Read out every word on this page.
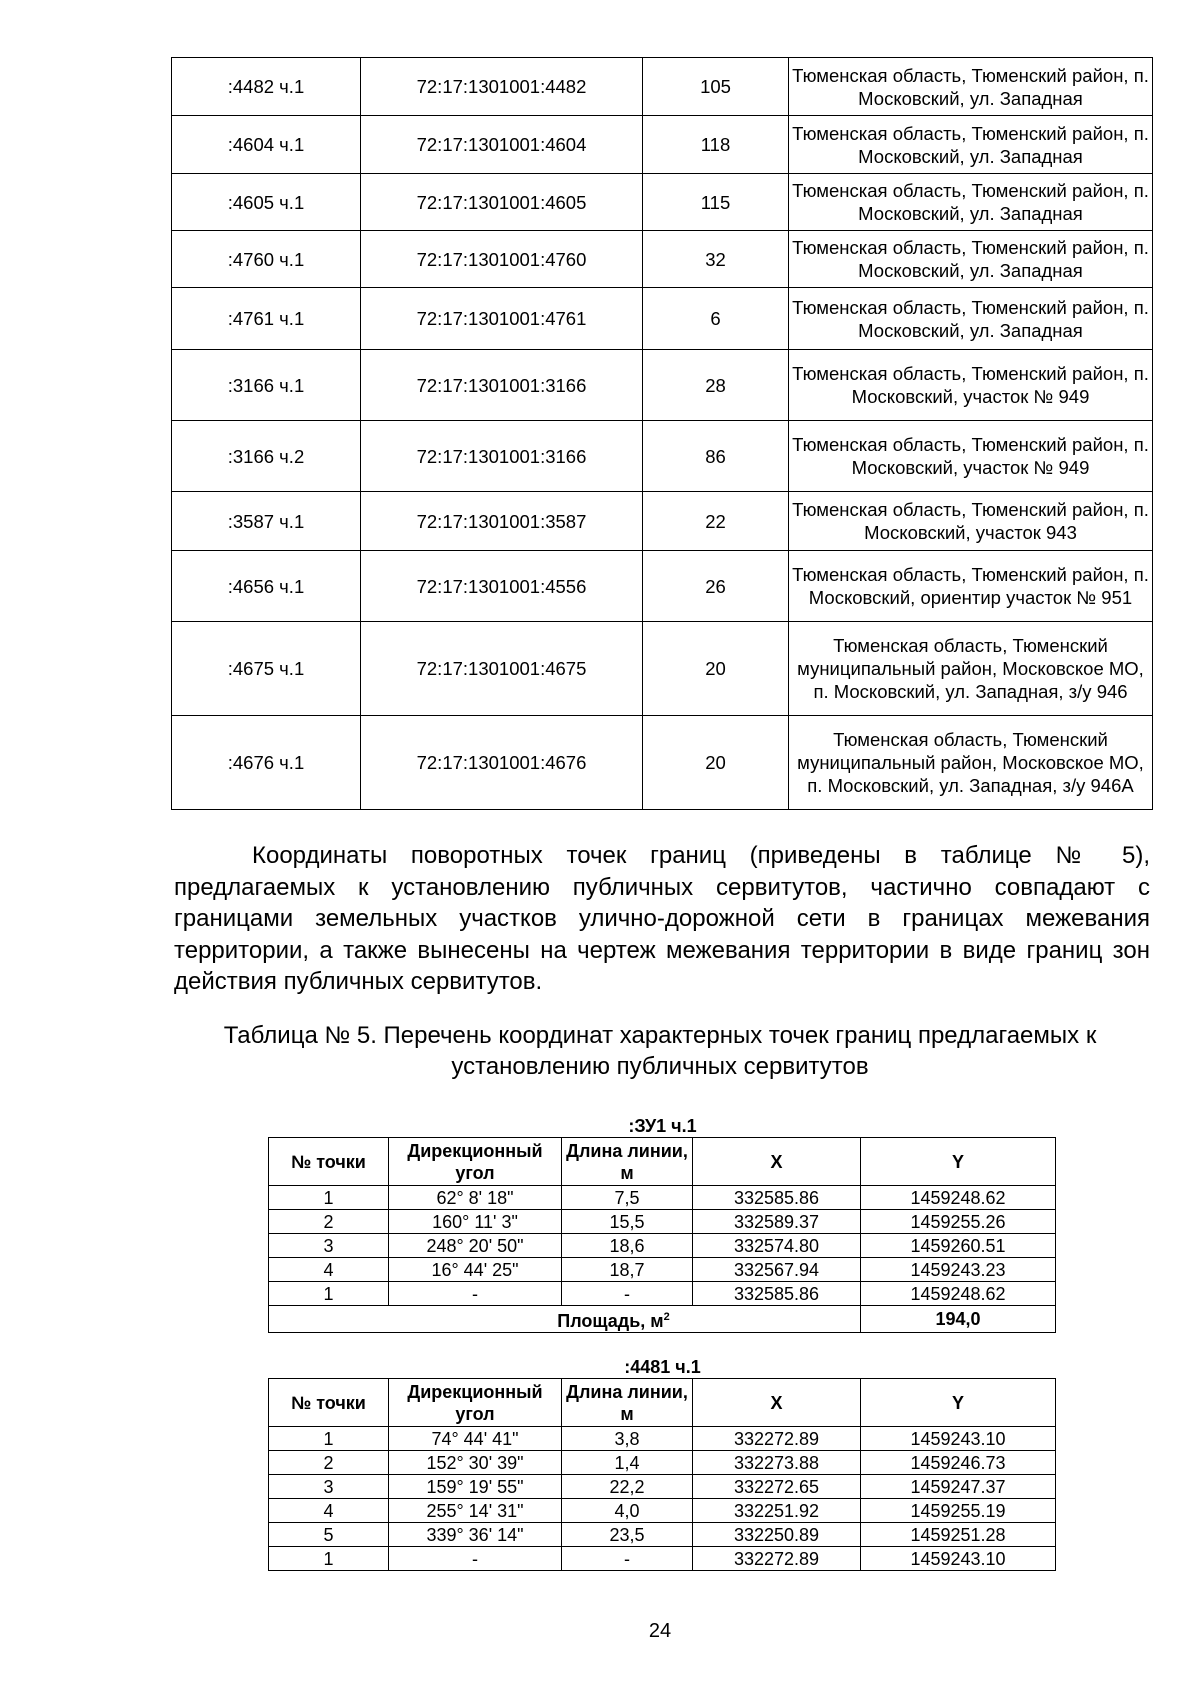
:4482 ч.1	72:17:1301001:4482	105	Тюменская область, Тюменский район, п. Московский, ул. Западная
:4604 ч.1	72:17:1301001:4604	118	Тюменская область, Тюменский район, п. Московский, ул. Западная
:4605 ч.1	72:17:1301001:4605	115	Тюменская область, Тюменский район, п. Московский, ул. Западная
:4760 ч.1	72:17:1301001:4760	32	Тюменская область, Тюменский район, п. Московский, ул. Западная
:4761 ч.1	72:17:1301001:4761	6	Тюменская область, Тюменский район, п. Московский, ул. Западная
:3166 ч.1	72:17:1301001:3166	28	Тюменская область, Тюменский район, п. Московский, участок № 949
:3166 ч.2	72:17:1301001:3166	86	Тюменская область, Тюменский район, п. Московский, участок № 949
:3587 ч.1	72:17:1301001:3587	22	Тюменская область, Тюменский район, п. Московский, участок 943
:4656 ч.1	72:17:1301001:4556	26	Тюменская область, Тюменский район, п. Московский, ориентир участок № 951
:4675 ч.1	72:17:1301001:4675	20	Тюменская область, Тюменский муниципальный район, Московское МО, п. Московский, ул. Западная, з/у 946
:4676 ч.1	72:17:1301001:4676	20	Тюменская область, Тюменский муниципальный район, Московское МО, п. Московский, ул. Западная, з/у 946А

Координаты поворотных точек границ (приведены в таблице № 5), предлагаемых к установлению публичных сервитутов, частично совпадают с границами земельных участков улично-дорожной сети в границах межевания территории, а также вынесены на чертеж межевания территории в виде границ зон действия публичных сервитутов.

Таблица № 5. Перечень координат характерных точек границ предлагаемых к установлению публичных сервитутов

:ЗУ1 ч.1
№ точки	Дирекционный угол	Длина линии, м	X	Y
1	62° 8' 18"	7,5	332585.86	1459248.62
2	160° 11' 3"	15,5	332589.37	1459255.26
3	248° 20' 50"	18,6	332574.80	1459260.51
4	16° 44' 25"	18,7	332567.94	1459243.23
1	-	-	332585.86	1459248.62
Площадь, $м^2$				194,0
:4481 ч.1
№ точки	Дирекционный угол	Длина линии, м	X	Y
1	74° 44' 41"	3,8	332272.89	1459243.10
2	152° 30' 39"	1,4	332273.88	1459246.73
3	159° 19' 55"	22,2	332272.65	1459247.37
4	255° 14' 31"	4,0	332251.92	1459255.19
5	339° 36' 14"	23,5	332250.89	1459251.28
1	-	-	332272.89	1459243.10
24
